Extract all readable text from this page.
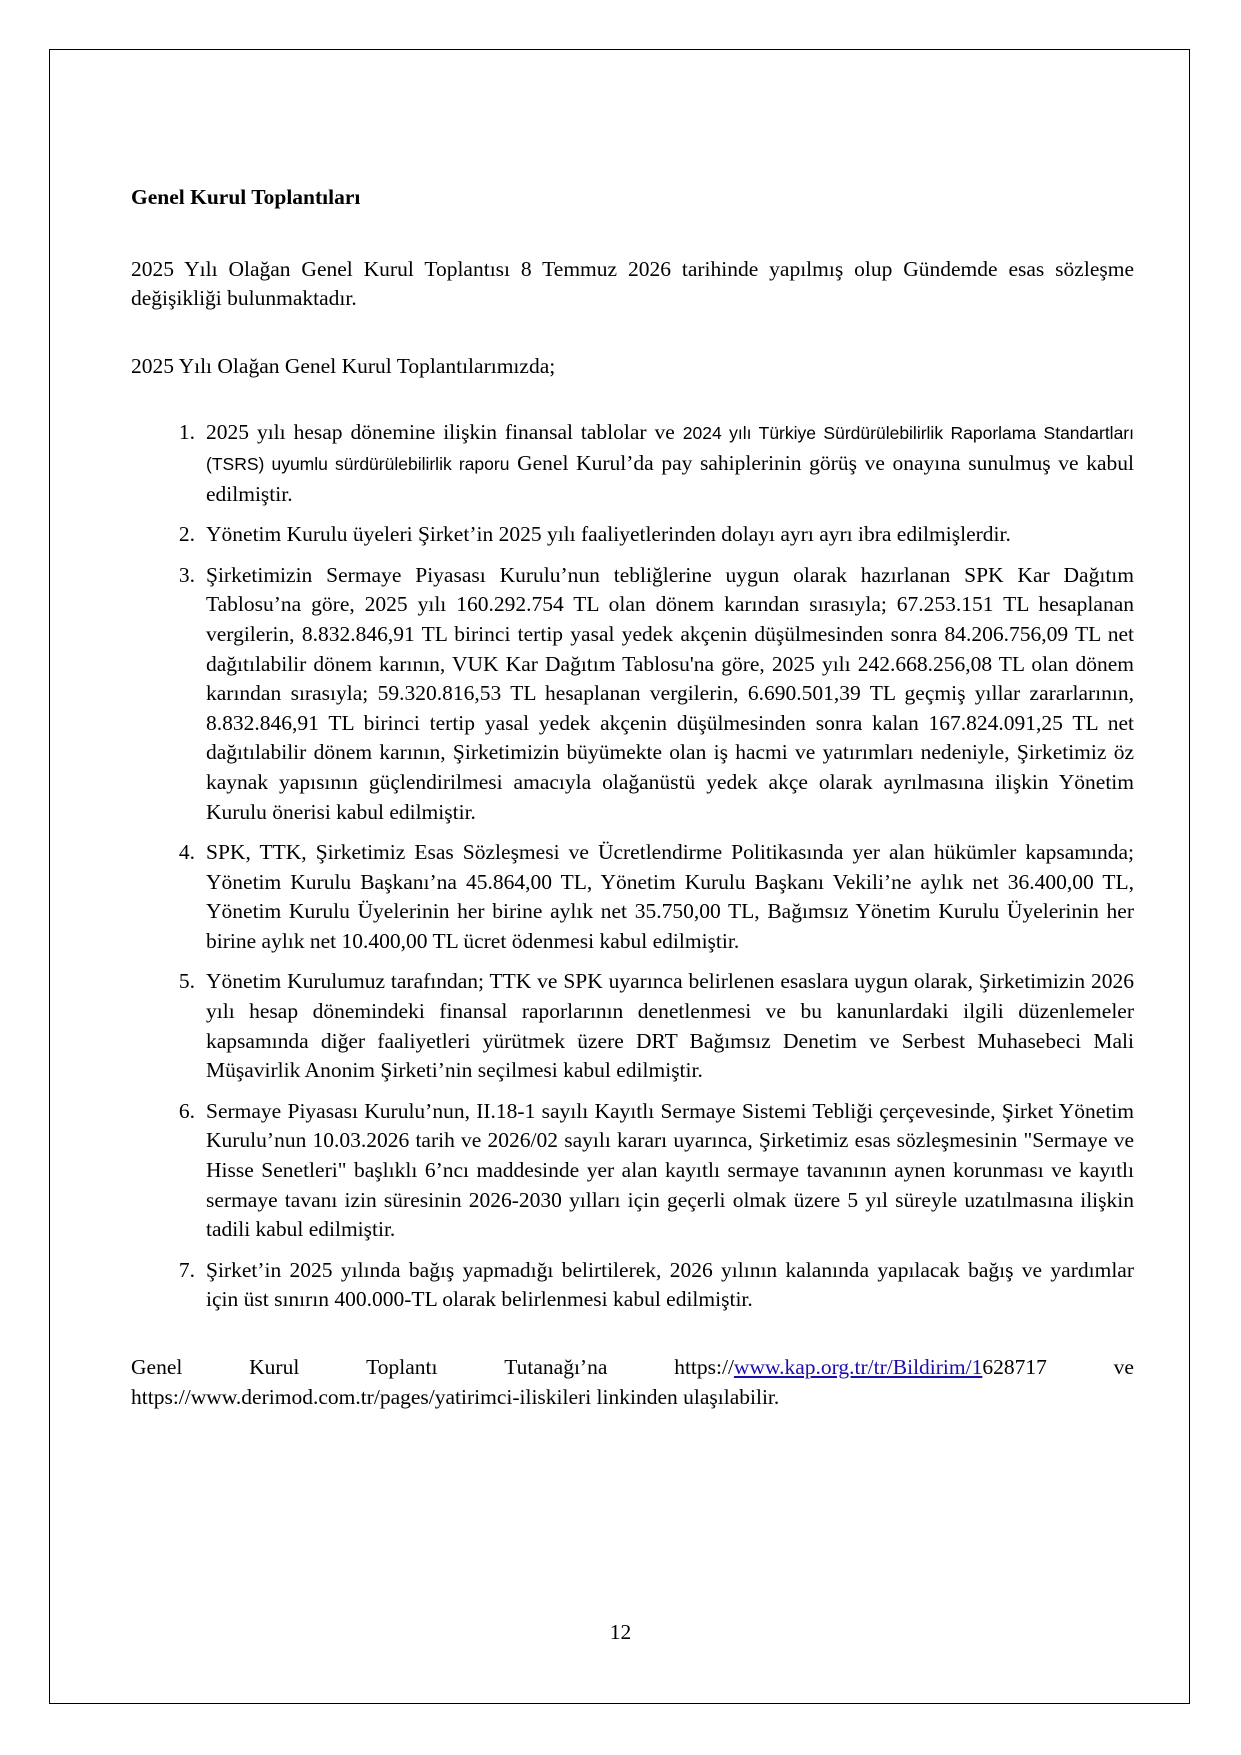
Genel Kurul Toplantıları

2025 Yılı Olağan Genel Kurul Toplantısı 8 Temmuz 2026 tarihinde yapılmış olup Gündemde esas sözleşme değişikliği bulunmaktadır.

2025 Yılı Olağan Genel Kurul Toplantılarımızda;

1. 2025 yılı hesap dönemine ilişkin finansal tablolar ve 2024 yılı Türkiye Sürdürülebilirlik Raporlama Standartları (TSRS) uyumlu sürdürülebilirlik raporu Genel Kurul’da pay sahiplerinin görüş ve onayına sunulmuş ve kabul edilmiştir.
2. Yönetim Kurulu üyeleri Şirket’in 2025 yılı faaliyetlerinden dolayı ayrı ayrı ibra edilmişlerdir.
3. Şirketimizin Sermaye Piyasası Kurulu’nun tebliğlerine uygun olarak hazırlanan SPK Kar Dağıtım Tablosu’na göre, 2025 yılı 160.292.754 TL olan dönem karından sırasıyla; 67.253.151 TL hesaplanan vergilerin, 8.832.846,91 TL birinci tertip yasal yedek akçenin düşülmesinden sonra 84.206.756,09 TL net dağıtılabilir dönem karının, VUK Kar Dağıtım Tablosu'na göre, 2025 yılı 242.668.256,08 TL olan dönem karından sırasıyla; 59.320.816,53 TL hesaplanan vergilerin, 6.690.501,39 TL geçmiş yıllar zararlarının, 8.832.846,91 TL birinci tertip yasal yedek akçenin düşülmesinden sonra kalan 167.824.091,25 TL net dağıtılabilir dönem karının, Şirketimizin büyümekte olan iş hacmi ve yatırımları nedeniyle, Şirketimiz öz kaynak yapısının güçlendirilmesi amacıyla olağanüstü yedek akçe olarak ayrılmasına ilişkin Yönetim Kurulu önerisi kabul edilmiştir.
4. SPK, TTK, Şirketimiz Esas Sözleşmesi ve Ücretlendirme Politikasında yer alan hükümler kapsamında; Yönetim Kurulu Başkanı’na 45.864,00 TL, Yönetim Kurulu Başkanı Vekili’ne aylık net 36.400,00 TL, Yönetim Kurulu Üyelerinin her birine aylık net 35.750,00 TL, Bağımsız Yönetim Kurulu Üyelerinin her birine aylık net 10.400,00 TL ücret ödenmesi kabul edilmiştir.
5. Yönetim Kurulumuz tarafından; TTK ve SPK uyarınca belirlenen esaslara uygun olarak, Şirketimizin 2026 yılı hesap dönemindeki finansal raporlarının denetlenmesi ve bu kanunlardaki ilgili düzenlemeler kapsamında diğer faaliyetleri yürütmek üzere DRT Bağımsız Denetim ve Serbest Muhasebeci Mali Müşavirlik Anonim Şirketi’nin seçilmesi kabul edilmiştir.
6. Sermaye Piyasası Kurulu’nun, II.18-1 sayılı Kayıtlı Sermaye Sistemi Tebliği çerçevesinde, Şirket Yönetim Kurulu’nun 10.03.2026 tarih ve 2026/02 sayılı kararı uyarınca, Şirketimiz esas sözleşmesinin "Sermaye ve Hisse Senetleri" başlıklı 6’ncı maddesinde yer alan kayıtlı sermaye tavanının aynen korunması ve kayıtlı sermaye tavanı izin süresinin 2026-2030 yılları için geçerli olmak üzere 5 yıl süreyle uzatılmasına ilişkin tadili kabul edilmiştir.
7. Şirket’in 2025 yılında bağış yapmadığı belirtilerek, 2026 yılının kalanında yapılacak bağış ve yardımlar için üst sınırın 400.000-TL olarak belirlenmesi kabul edilmiştir.
Genel	Kurul	Toplantı	Tutanağı’na	https://www.kap.org.tr/tr/Bildirim/1628717	ve
https://www.derimod.com.tr/pages/yatirimci-iliskileri linkinden ulaşılabilir.
12
